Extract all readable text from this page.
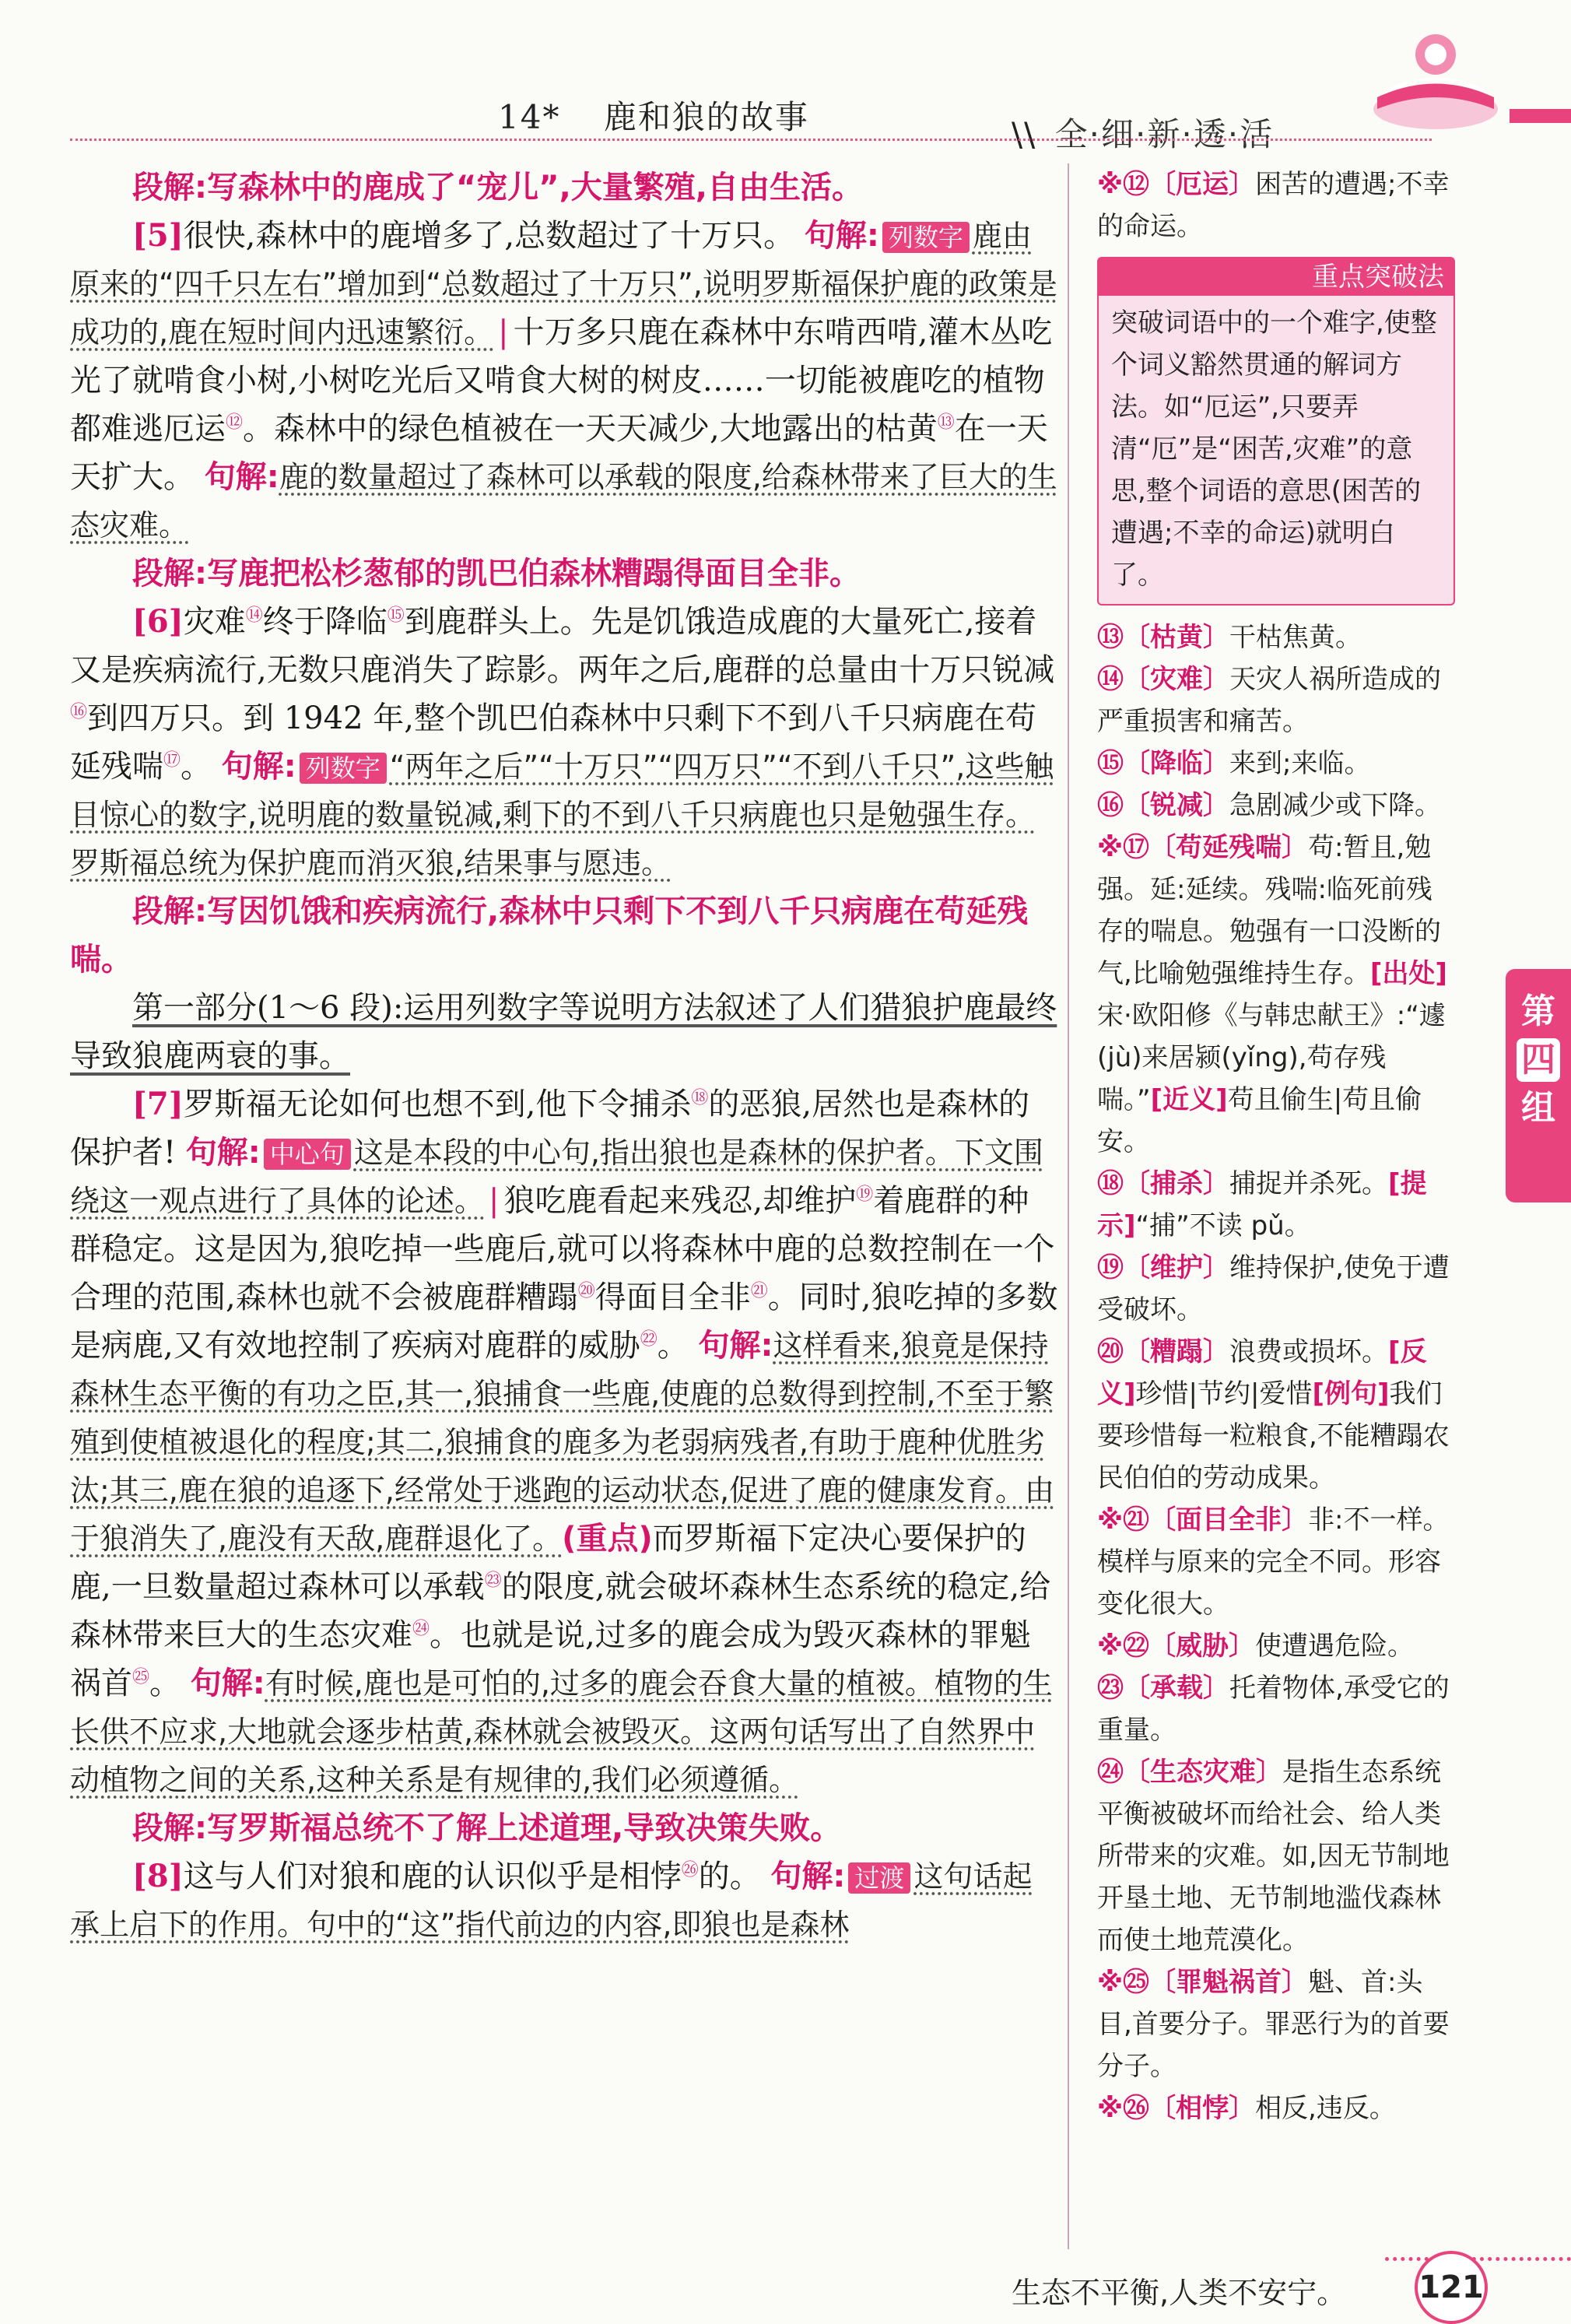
14* 鹿和狼的故事	\\ 全·细·新·透·活

段解:写森林中的鹿成了“宠儿”,大量繁殖,自由生活。

[5]很快,森林中的鹿增多了,总数超过了十万只。 句解: 列数字 鹿由原来的“四千只左右”增加到“总数超过了十万只”,说明罗斯福保护鹿的政策是成功的,鹿在短时间内迅速繁衍。 | 十万多只鹿在森林中东啃西啃,灌木丛吃光了就啃食小树,小树吃光后又啃食大树的树皮……一切能被鹿吃的植物都难逃厄运⑫。森林中的绿色植被在一天天减少,大地露出的枯黄⑬在一天天扩大。 句解:鹿的数量超过了森林可以承载的限度,给森林带来了巨大的生态灾难。

段解:写鹿把松杉葱郁的凯巴伯森林糟蹋得面目全非。

[6]灾难⑭终于降临⑮到鹿群头上。先是饥饿造成鹿的大量死亡,接着又是疾病流行,无数只鹿消失了踪影。两年之后,鹿群的总量由十万只锐减⑯到四万只。到 1942 年,整个凯巴伯森林中只剩下不到八千只病鹿在苟延残喘⑰。 句解: 列数字 “两年之后”“十万只”“四万只”“不到八千只”,这些触目惊心的数字,说明鹿的数量锐减,剩下的不到八千只病鹿也只是勉强生存。罗斯福总统为保护鹿而消灭狼,结果事与愿违。

段解:写因饥饿和疾病流行,森林中只剩下不到八千只病鹿在苟延残喘。

第一部分(1～6 段):运用列数字等说明方法叙述了人们猎狼护鹿最终导致狼鹿两衰的事。

[7]罗斯福无论如何也想不到,他下令捕杀⑱的恶狼,居然也是森林的保护者! 句解: 中心句 这是本段的中心句,指出狼也是森林的保护者。下文围绕这一观点进行了具体的论述。 | 狼吃鹿看起来残忍,却维护⑲着鹿群的种群稳定。这是因为,狼吃掉一些鹿后,就可以将森林中鹿的总数控制在一个合理的范围,森林也就不会被鹿群糟蹋⑳得面目全非$^㉑$。同时,狼吃掉的多数是病鹿,又有效地控制了疾病对鹿群的威胁$^㉒$。 句解:这样看来,狼竟是保持森林生态平衡的有功之臣,其一,狼捕食一些鹿,使鹿的总数得到控制,不至于繁殖到使植被退化的程度;其二,狼捕食的鹿多为老弱病残者,有助于鹿种优胜劣汰;其三,鹿在狼的追逐下,经常处于逃跑的运动状态,促进了鹿的健康发育。由于狼消失了,鹿没有天敌,鹿群退化了。(重点)而罗斯福下定决心要保护的鹿,一旦数量超过森林可以承载$^㉓$的限度,就会破坏森林生态系统的稳定,给森林带来巨大的生态灾难$^㉔$。也就是说,过多的鹿会成为毁灭森林的罪魁祸首$^㉕$。 句解:有时候,鹿也是可怕的,过多的鹿会吞食大量的植被。植物的生长供不应求,大地就会逐步枯黄,森林就会被毁灭。这两句话写出了自然界中动植物之间的关系,这种关系是有规律的,我们必须遵循。

段解:写罗斯福总统不了解上述道理,导致决策失败。

[8]这与人们对狼和鹿的认识似乎是相悖$^㉖$的。 句解: 过渡 这句话起承上启下的作用。句中的“这”指代前边的内容,即狼也是森林

※⑫〔厄运〕困苦的遭遇;不幸的命运。

重点突破法
突破词语中的一个难字,使整个词义豁然贯通的解词方法。如“厄运”,只要弄清“厄”是“困苦,灾难”的意思,整个词语的意思(困苦的遭遇;不幸的命运)就明白了。

⑬〔枯黄〕干枯焦黄。

⑭〔灾难〕天灾人祸所造成的严重损害和痛苦。

⑮〔降临〕来到;来临。

⑯〔锐减〕急剧减少或下降。

※⑰〔苟延残喘〕苟:暂且,勉强。延:延续。残喘:临死前残存的喘息。勉强有一口没断的气,比喻勉强维持生存。[出处]宋·欧阳修《与韩忠献王》:“遽(jù)来居颍(yǐng),苟存残喘。”[近义]苟且偷生|苟且偷安。

⑱〔捕杀〕捕捉并杀死。[提示]“捕”不读 pǔ。

⑲〔维护〕维持保护,使免于遭受破坏。

⑳〔糟蹋〕浪费或损坏。[反义]珍惜|节约|爱惜[例句]我们要珍惜每一粒粮食,不能糟蹋农民伯伯的劳动成果。

※㉑〔面目全非〕非:不一样。模样与原来的完全不同。形容变化很大。

※㉒〔威胁〕使遭遇危险。

㉓〔承载〕托着物体,承受它的重量。

㉔〔生态灾难〕是指生态系统平衡被破坏而给社会、给人类所带来的灾难。如,因无节制地开垦土地、无节制地滥伐森林而使土地荒漠化。

※㉕〔罪魁祸首〕魁、首:头目,首要分子。罪恶行为的首要分子。

※㉖〔相悖〕相反,违反。

第
四
组
生态不平衡,人类不安宁。 121
